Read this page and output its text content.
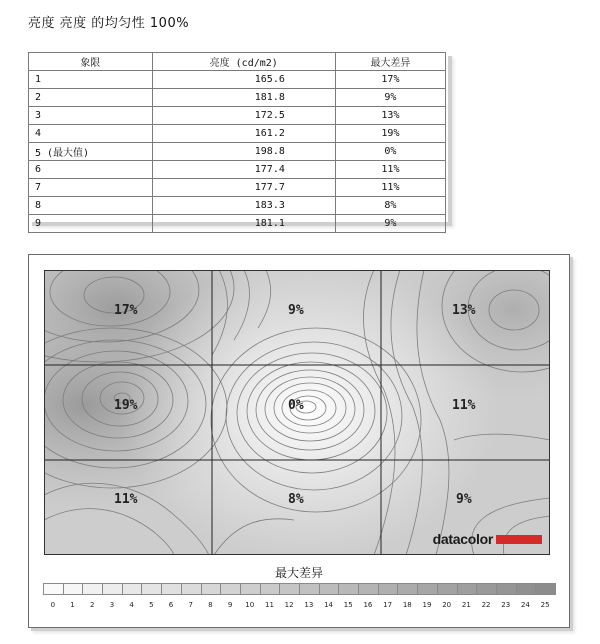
亮度 亮度 的均匀性 100%
象限	亮度 (cd/m2)	最大差异
1	165.6	17%
2	181.8	9%
3	172.5	13%
4	161.2	19%
5 (最大值)	198.8	0%
6	177.4	11%
7	177.7	11%
8	183.3	8%
9	181.1	9%
17%	9%	13%
19%	0%	11%
11%	8%	9%
datacolor
最大差异
0 1 2 3 4 5 6 7 8 9 10 11 12 13 14 15 16 17 18 19 20 21 22 23 24 25
